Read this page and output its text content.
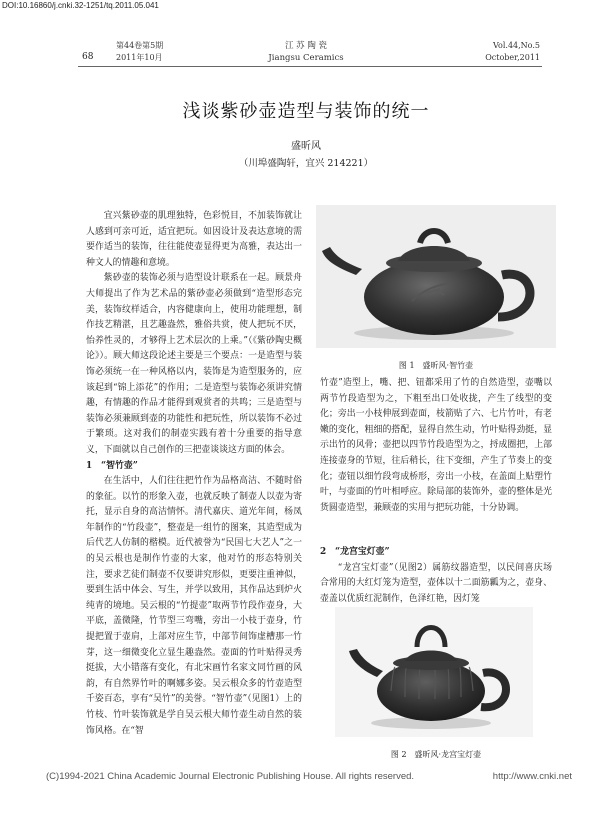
DOI:10.16860/j.cnki.32-1251/tq.2011.05.041
68
第44卷第5期
2011年10月
江 苏 陶 瓷
Jiangsu Ceramics
Vol.44,No.5
October,2011
浅谈紫砂壶造型与装饰的统一
盛昕风
（川埠盛陶轩，宜兴 214221）

宜兴紫砂壶的肌理独特，色彩悦目，不加装饰就让人感到可亲可近，适宜把玩。如因设计及表达意境的需要作适当的装饰，往往能使壶显得更为高雅，表达出一种文人的情趣和意境。

紫砂壶的装饰必须与造型设计联系在一起。顾景舟大师提出了作为艺术品的紫砂壶必须做到“造型形态完美，装饰纹样适合，内容健康向上，使用功能理想，制作技艺精湛，且艺趣盎然，雅俗共赏，使人把玩不厌，怡养性灵的，才够得上艺术层次的上乘。”（《紫砂陶史概论》）。顾大师这段论述主要是三个要点：一是造型与装饰必须统一在一种风格以内，装饰是为造型服务的，应该起到“锦上添花”的作用；二是造型与装饰必须讲究情趣，有情趣的作品才能得到观赏者的共鸣；三是造型与装饰必须兼顾到壶的功能性和把玩性，所以装饰不必过于繁琐。这对我们的制壶实践有着十分重要的指导意义，下面就以自己创作的三把壶谈谈这方面的体会。

1　“智竹壶”

在生活中，人们往往把竹作为品格高洁、不随时俗的象征。以竹的形象入壶，也就反映了制壶人以壶为寄托，显示自身的高洁情怀。清代嘉庆、道光年间，杨凤年制作的“竹段壶”，整壶是一组竹的图案，其造型成为后代艺人仿制的楷模。近代被誉为“民国七大艺人”之一的吴云根也是制作竹壶的大家，他对竹的形态特别关注，要求艺徒们制壶不仅要讲究形似，更要注重神似，要到生活中体会、写生，并学以致用，其作品达到炉火纯青的境地。吴云根的“竹提壶”取两节竹段作壶身，大平底，盖微隆，竹节型三弯嘴，旁出一小枝于壶身，竹提把置于壶肩，上部对应生节，中部节间饰虚槽那一竹芽，这一细微变化立显生趣盎然。壶面的竹叶贴得灵秀挺拔，大小错落有变化，有北宋画竹名家文同竹画的风韵，有自然界竹叶的啊娜多姿。吴云根众多的竹壶造型千姿百态，享有“吴竹”的美誉。“智竹壶”（见图1）上的竹枝、竹叶装饰就是学自吴云根大师竹壶生动自然的装饰风格。在“智

图 1　盛昕风·智竹壶

竹壶”造型上，嘴、把、钮都采用了竹的自然造型，壶嘴以两节竹段造型为之，下粗至出口处收拢，产生了线型的变化；旁出一小枝伸展到壶面，枝箭贴了六、七片竹叶，有老嫩的变化，粗细的搭配，显得自然生动，竹叶贴得劲挺，显示出竹的风骨；壶把以四节竹段造型为之，捋成圈把，上部连接壶身的节短，往后稍长，往下变细，产生了节奏上的变化；壶钮以细竹段弯成桥形，旁出一小枝，在盖面上贴塑竹叶，与壶面的竹叶相呼应。除局部的装饰外，壶的整体是光货圆壶造型，兼顾壶的实用与把玩功能，十分协调。

2　“龙宫宝灯壶”

“龙宫宝灯壶”（见图2）属筋纹器造型，以民间喜庆场合常用的大红灯笼为造型，壶体以十二面筋瓤为之，壶身、壶盖以优质红泥制作，色泽红艳，因灯笼

图 2　盛昕风·龙宫宝灯壶
(C)1994-2021 China Academic Journal Electronic Publishing House. All rights reserved.	http://www.cnki.net
